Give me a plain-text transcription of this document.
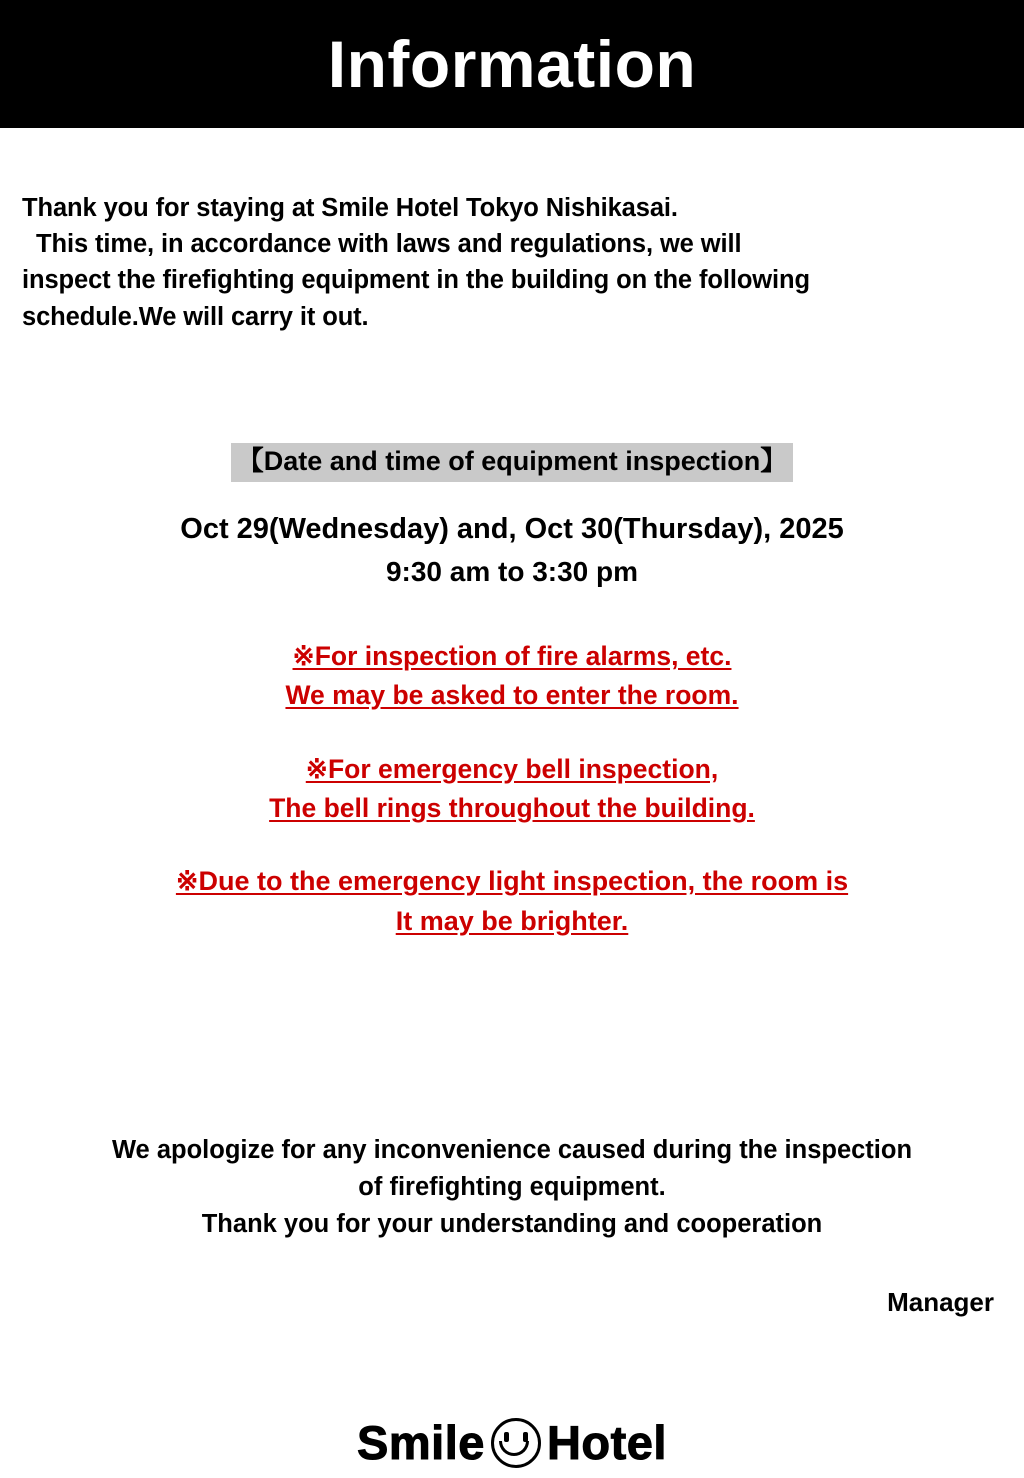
Information
Thank you for staying at Smile Hotel Tokyo Nishikasai.
This time, in accordance with laws and regulations, we will
inspect the firefighting equipment in the building on the following
schedule.We will carry it out.
【Date and time of equipment inspection】
Oct 29(Wednesday) and, Oct 30(Thursday), 2025
9:30 am to 3:30 pm
※For inspection of fire alarms, etc.
We may be asked to enter the room.
※For emergency bell inspection,
The bell rings throughout the building.
※Due to the emergency light inspection, the room is
It may be brighter.
We apologize for any inconvenience caused during the inspection
of firefighting equipment.
Thank you for your understanding and cooperation
Manager
Smile Hotel
